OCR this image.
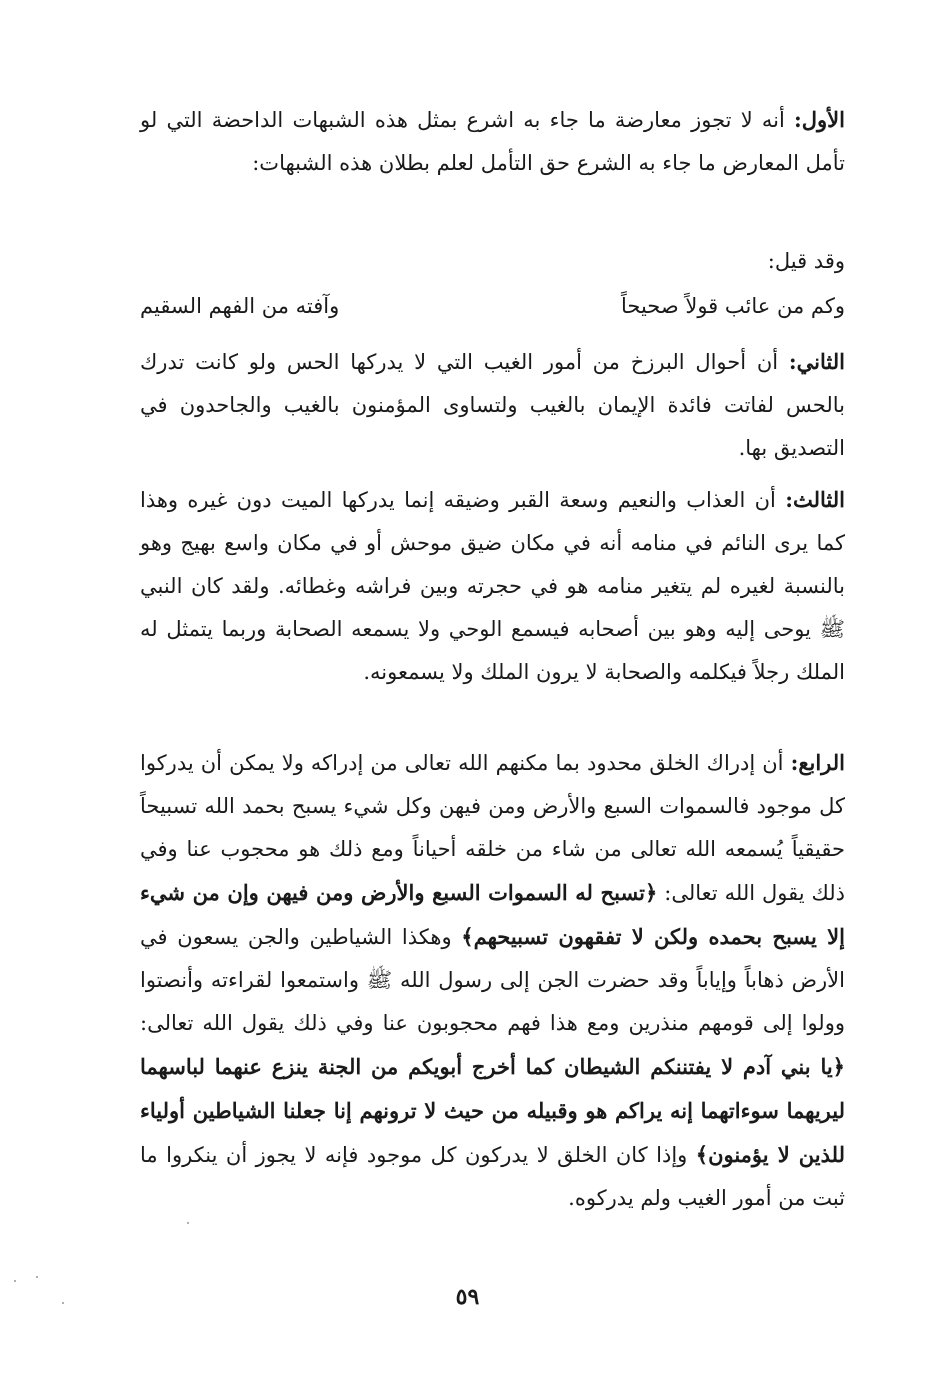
الأول: أنه لا تجوز معارضة ما جاء به اشرع بمثل هذه الشبهات الداحضة التي لو تأمل المعارض ما جاء به الشرع حق التأمل لعلم بطلان هذه الشبهات:
وقد قيل:
وكم من عائب قولاً صحيحاً
وآفته من الفهم السقيم
الثاني: أن أحوال البرزخ من أمور الغيب التي لا يدركها الحس ولو كانت تدرك بالحس لفاتت فائدة الإيمان بالغيب ولتساوى المؤمنون بالغيب والجاحدون في التصديق بها.
الثالث: أن العذاب والنعيم وسعة القبر وضيقه إنما يدركها الميت دون غيره وهذا كما يرى النائم في منامه أنه في مكان ضيق موحش أو في مكان واسع بهيج وهو بالنسبة لغيره لم يتغير منامه هو في حجرته وبين فراشه وغطائه. ولقد كان النبي ﷺ يوحى إليه وهو بين أصحابه فيسمع الوحي ولا يسمعه الصحابة وربما يتمثل له الملك رجلاً فيكلمه والصحابة لا يرون الملك ولا يسمعونه.
الرابع: أن إدراك الخلق محدود بما مكنهم الله تعالى من إدراكه ولا يمكن أن يدركوا كل موجود فالسموات السبع والأرض ومن فيهن وكل شيء يسبح بحمد الله تسبيحاً حقيقياً يُسمعه الله تعالى من شاء من خلقه أحياناً ومع ذلك هو محجوب عنا وفي ذلك يقول الله تعالى: ﴿تسبح له السموات السبع والأرض ومن فيهن وإن من شيء إلا يسبح بحمده ولكن لا تفقهون تسبيحهم﴾ وهكذا الشياطين والجن يسعون في الأرض ذهاباً وإياباً وقد حضرت الجن إلى رسول الله ﷺ واستمعوا لقراءته وأنصتوا وولوا إلى قومهم منذرين ومع هذا فهم محجوبون عنا وفي ذلك يقول الله تعالى: ﴿يا بني آدم لا يفتننكم الشيطان كما أخرج أبويكم من الجنة ينزع عنهما لباسهما ليريهما سوءاتهما إنه يراكم هو وقبيله من حيث لا ترونهم إنا جعلنا الشياطين أولياء للذين لا يؤمنون﴾ وإذا كان الخلق لا يدركون كل موجود فإنه لا يجوز أن ينكروا ما ثبت من أمور الغيب ولم يدركوه.
٥٩
